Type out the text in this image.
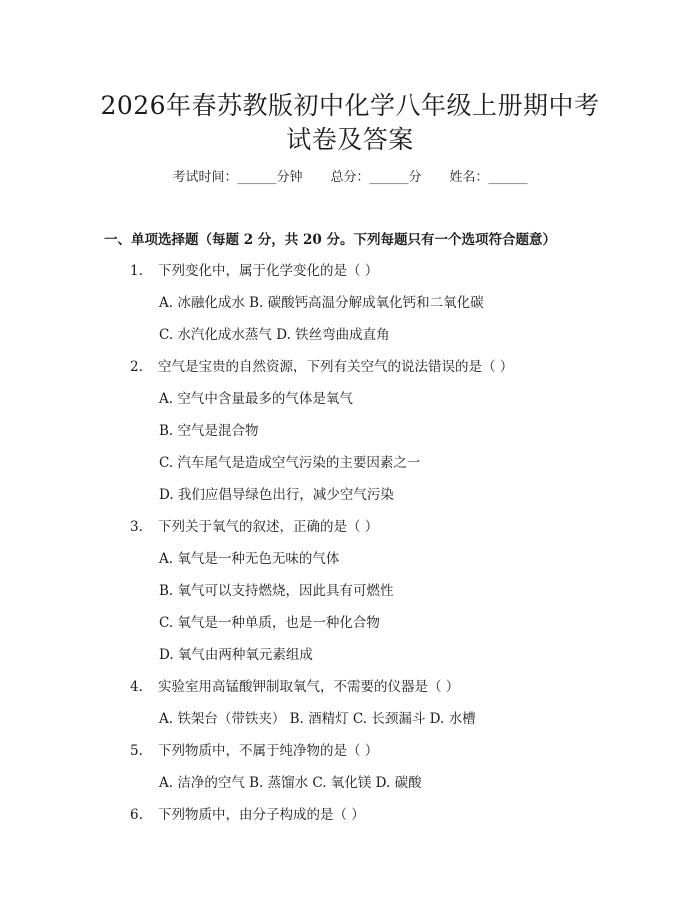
2026年春苏教版初中化学八年级上册期中考
试卷及答案
考试时间：______分钟 总分：______分 姓名：______
一、单项选择题（每题 2 分，共 20 分。下列每题只有一个选项符合题意）
1. 下列变化中，属于化学变化的是（ ）
A. 冰融化成水 B. 碳酸钙高温分解成氧化钙和二氧化碳
C. 水汽化成水蒸气 D. 铁丝弯曲成直角
2. 空气是宝贵的自然资源，下列有关空气的说法错误的是（ ）
A. 空气中含量最多的气体是氧气
B. 空气是混合物
C. 汽车尾气是造成空气污染的主要因素之一
D. 我们应倡导绿色出行，减少空气污染
3. 下列关于氧气的叙述，正确的是（ ）
A. 氧气是一种无色无味的气体
B. 氧气可以支持燃烧，因此具有可燃性
C. 氧气是一种单质，也是一种化合物
D. 氧气由两种氧元素组成
4. 实验室用高锰酸钾制取氧气，不需要的仪器是（ ）
A. 铁架台（带铁夹） B. 酒精灯 C. 长颈漏斗 D. 水槽
5. 下列物质中，不属于纯净物的是（ ）
A. 洁净的空气 B. 蒸馏水 C. 氧化镁 D. 碳酸
6. 下列物质中，由分子构成的是（ ）
